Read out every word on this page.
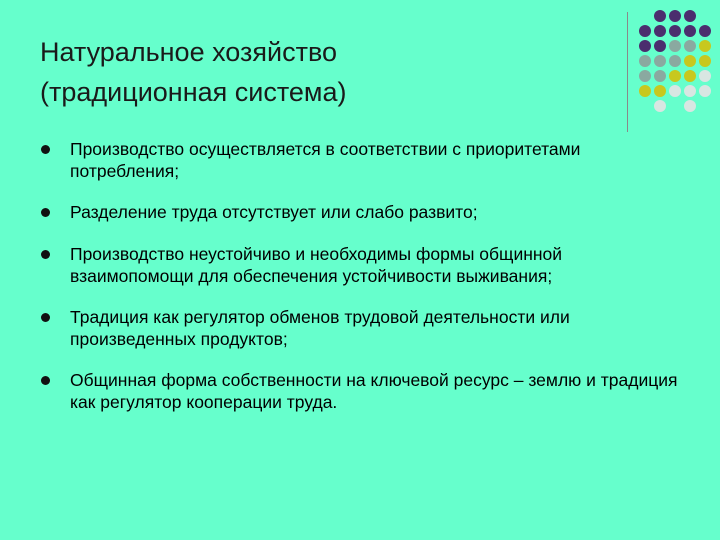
Натуральное хозяйство
(традиционная система)
Производство осуществляется в соответствии с приоритетами потребления;
Разделение труда отсутствует или слабо развито;
Производство неустойчиво и необходимы формы общинной взаимопомощи для обеспечения устойчивости выживания;
Традиция как регулятор обменов трудовой деятельности или произведенных продуктов;
Общинная форма собственности на ключевой ресурс – землю и традиция как регулятор кооперации труда.
